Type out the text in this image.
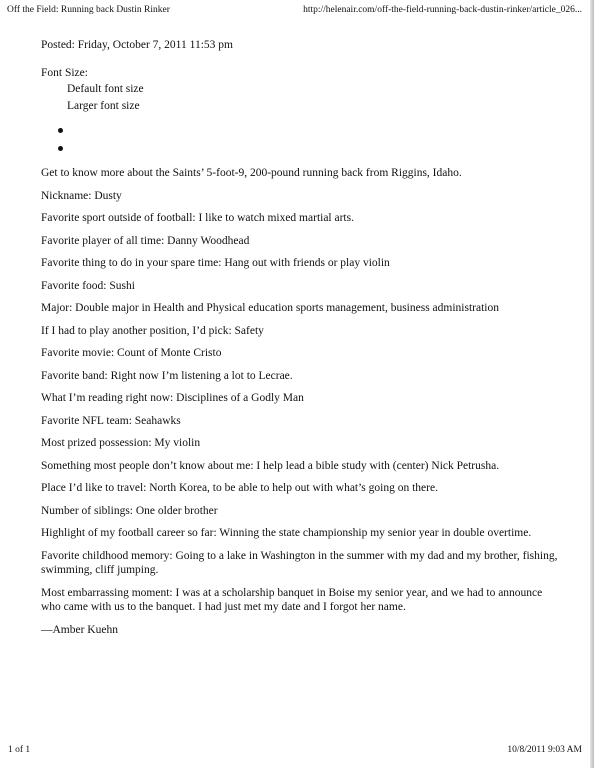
Off the Field: Running back Dustin Rinker	http://helenair.com/off-the-field-running-back-dustin-rinker/article_026...
Posted: Friday, October 7, 2011 11:53 pm
Font Size:
Default font size
Larger font size

Get to know more about the Saints’ 5-foot-9, 200-pound running back from Riggins, Idaho.

Nickname: Dusty

Favorite sport outside of football: I like to watch mixed martial arts.

Favorite player of all time: Danny Woodhead

Favorite thing to do in your spare time: Hang out with friends or play violin

Favorite food: Sushi

Major: Double major in Health and Physical education sports management, business administration

If I had to play another position, I’d pick: Safety

Favorite movie: Count of Monte Cristo

Favorite band: Right now I’m listening a lot to Lecrae.

What I’m reading right now: Disciplines of a Godly Man

Favorite NFL team: Seahawks

Most prized possession: My violin

Something most people don’t know about me: I help lead a bible study with (center) Nick Petrusha.

Place I’d like to travel: North Korea, to be able to help out with what’s going on there.

Number of siblings: One older brother

Highlight of my football career so far: Winning the state championship my senior year in double overtime.

Favorite childhood memory: Going to a lake in Washington in the summer with my dad and my brother, fishing, swimming, cliff jumping.

Most embarrassing moment: I was at a scholarship banquet in Boise my senior year, and we had to announce who came with us to the banquet. I had just met my date and I forgot her name.

—Amber Kuehn

1 of 1	10/8/2011 9:03 AM
